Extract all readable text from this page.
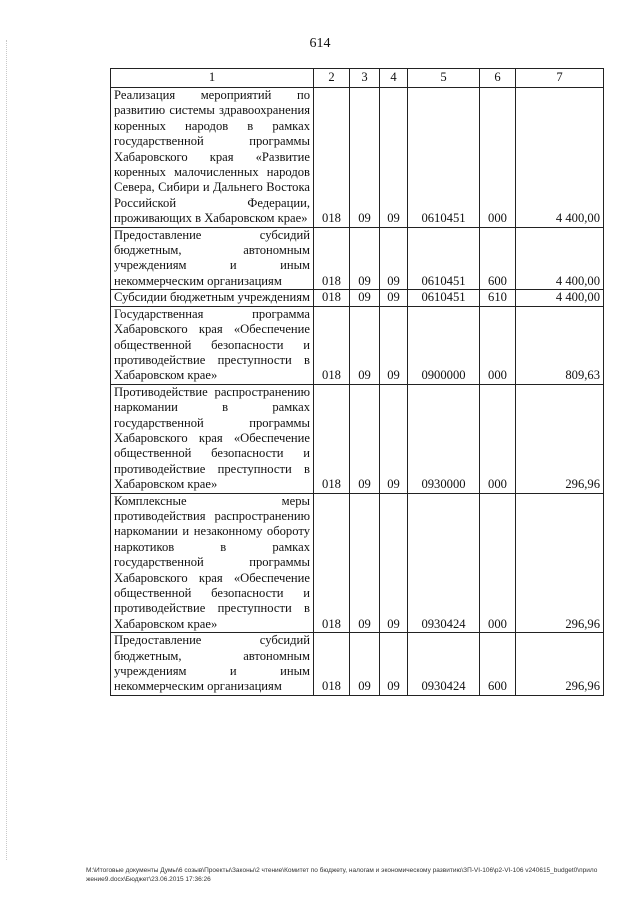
614
1	2	3	4	5	6	7
Реализация мероприятий по развитию системы здравоохранения коренных народов в рамках государственной программы Хабаровского края «Развитие коренных малочисленных народов Севера, Сибири и Дальнего Востока Российской Федерации, проживающих в Хабаровском крае»	018	09	09	0610451	000	4 400,00
Предоставление субсидий бюджетным, автономным учреждениям и иным некоммерческим организациям	018	09	09	0610451	600	4 400,00
Субсидии бюджетным учреждениям	018	09	09	0610451	610	4 400,00
Государственная программа Хабаровского края «Обеспечение общественной безопасности и противодействие преступности в Хабаровском крае»	018	09	09	0900000	000	809,63
Противодействие распространению наркомании в рамках государственной программы Хабаровского края «Обеспечение общественной безопасности и противодействие преступности в Хабаровском крае»	018	09	09	0930000	000	296,96
Комплексные меры противодействия распространению наркомании и незаконному обороту наркотиков в рамках государственной программы Хабаровского края «Обеспечение общественной безопасности и противодействие преступности в Хабаровском крае»	018	09	09	0930424	000	296,96
Предоставление субсидий бюджетным, автономным учреждениям и иным некоммерческим организациям	018	09	09	0930424	600	296,96
M:\Итоговые документы Думы\6 созыв\Проекты\Законы\2 чтение\Комитет по бюджету, налогам и экономическому развитию\ЗП-VI-106\p2-VI-106 v240615_budget0\приложение9.docx\Бюджет\23.06.2015 17:36:26
